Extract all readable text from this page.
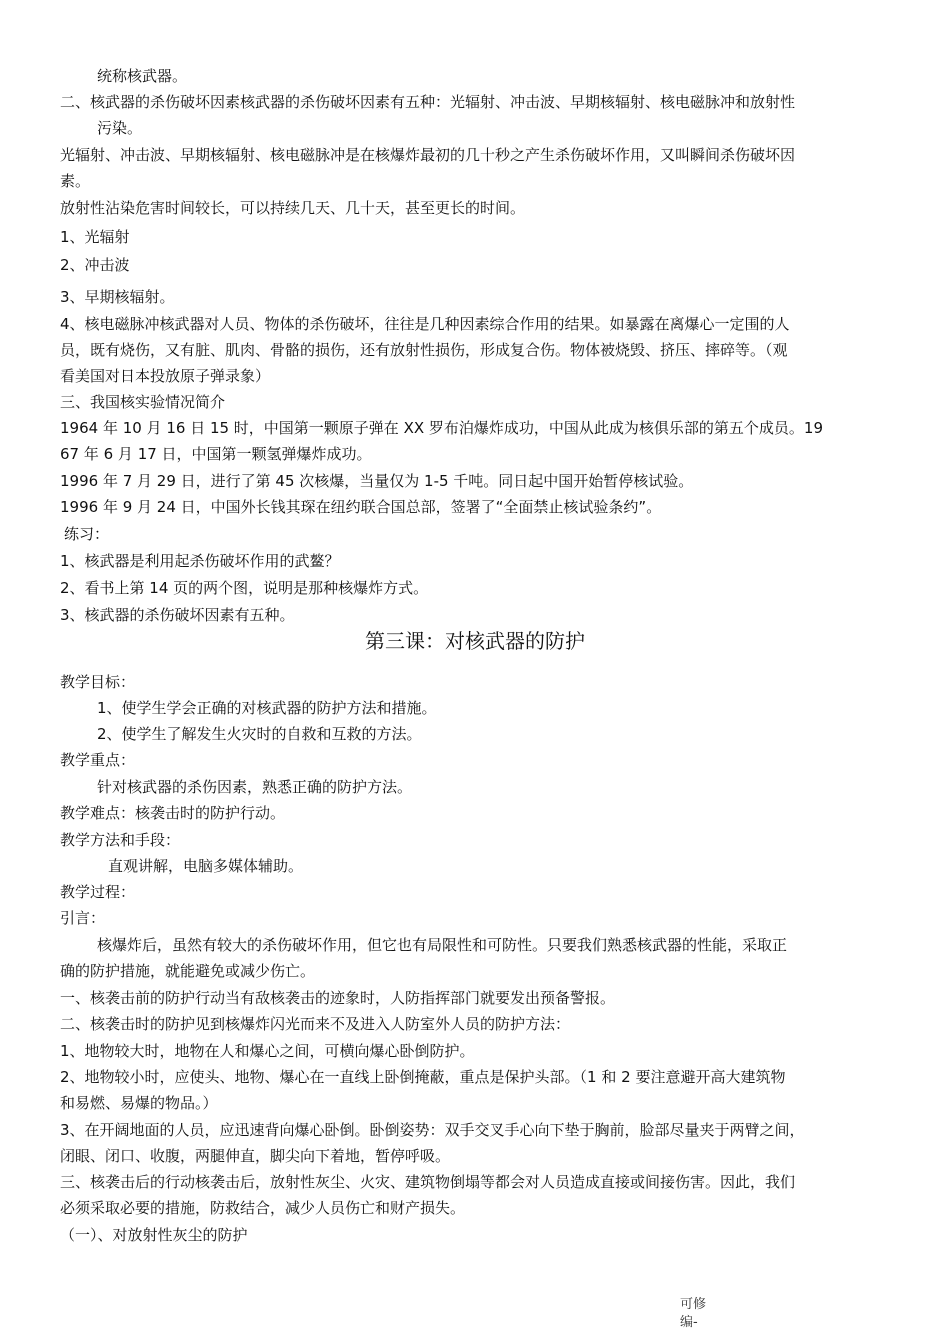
统称核武器。

二、核武器的杀伤破坏因素核武器的杀伤破坏因素有五种：光辐射、冲击波、早期核辐射、核电磁脉冲和放射性

污染。

光辐射、冲击波、早期核辐射、核电磁脉冲是在核爆炸最初的几十秒之产生杀伤破坏作用，又叫瞬间杀伤破坏因

素。

放射性沾染危害时间较长，可以持续几天、几十天，甚至更长的时间。

1、光辐射

2、冲击波

3、早期核辐射。

4、核电磁脉冲核武器对人员、物体的杀伤破坏，往往是几种因素综合作用的结果。如暴露在离爆心一定围的人

员，既有烧伤，又有脏、肌肉、骨骼的损伤，还有放射性损伤，形成复合伤。物体被烧毁、挤压、摔碎等。（观

看美国对日本投放原子弹录象）

三、我国核实验情况简介

1964 年 10 月 16 日 15 时，中国第一颗原子弹在 XX 罗布泊爆炸成功，中国从此成为核俱乐部的第五个成员。19

67 年 6 月 17 日，中国第一颗氢弹爆炸成功。

1996 年 7 月 29 日，进行了第 45 次核爆，当量仅为 1-5 千吨。同日起中国开始暂停核试验。

1996 年 9 月 24 日，中国外长钱其琛在纽约联合国总部，签署了“全面禁止核试验条约”。

练习：

1、核武器是利用起杀伤破坏作用的武鳌？

2、看书上第 14 页的两个图，说明是那种核爆炸方式。

3、核武器的杀伤破坏因素有五种。

第三课：对核武器的防护

教学目标：

1、使学生学会正确的对核武器的防护方法和措施。

2、使学生了解发生火灾时的自救和互救的方法。

教学重点：

针对核武器的杀伤因素，熟悉正确的防护方法。

教学难点：核袭击时的防护行动。

教学方法和手段：

直观讲解，电脑多媒体辅助。

教学过程：

引言：

核爆炸后，虽然有较大的杀伤破坏作用，但它也有局限性和可防性。只要我们熟悉核武器的性能，采取正

确的防护措施，就能避免或减少伤亡。

一、核袭击前的防护行动当有敌核袭击的迹象时，人防指挥部门就要发出预备警报。

二、核袭击时的防护见到核爆炸闪光而来不及进入人防室外人员的防护方法：

1、地物较大时，地物在人和爆心之间，可横向爆心卧倒防护。

2、地物较小时，应使头、地物、爆心在一直线上卧倒掩蔽，重点是保护头部。（1 和 2 要注意避开高大建筑物

和易燃、易爆的物品。）

3、在开阔地面的人员，应迅速背向爆心卧倒。卧倒姿势：双手交叉手心向下垫于胸前，脸部尽量夹于两臂之间，

闭眼、闭口、收腹，两腿伸直，脚尖向下着地，暂停呼吸。

三、核袭击后的行动核袭击后，放射性灰尘、火灾、建筑物倒塌等都会对人员造成直接或间接伤害。因此，我们

必须采取必要的措施，防救结合，减少人员伤亡和财产损失。

（一）、对放射性灰尘的防护

可修

编-
